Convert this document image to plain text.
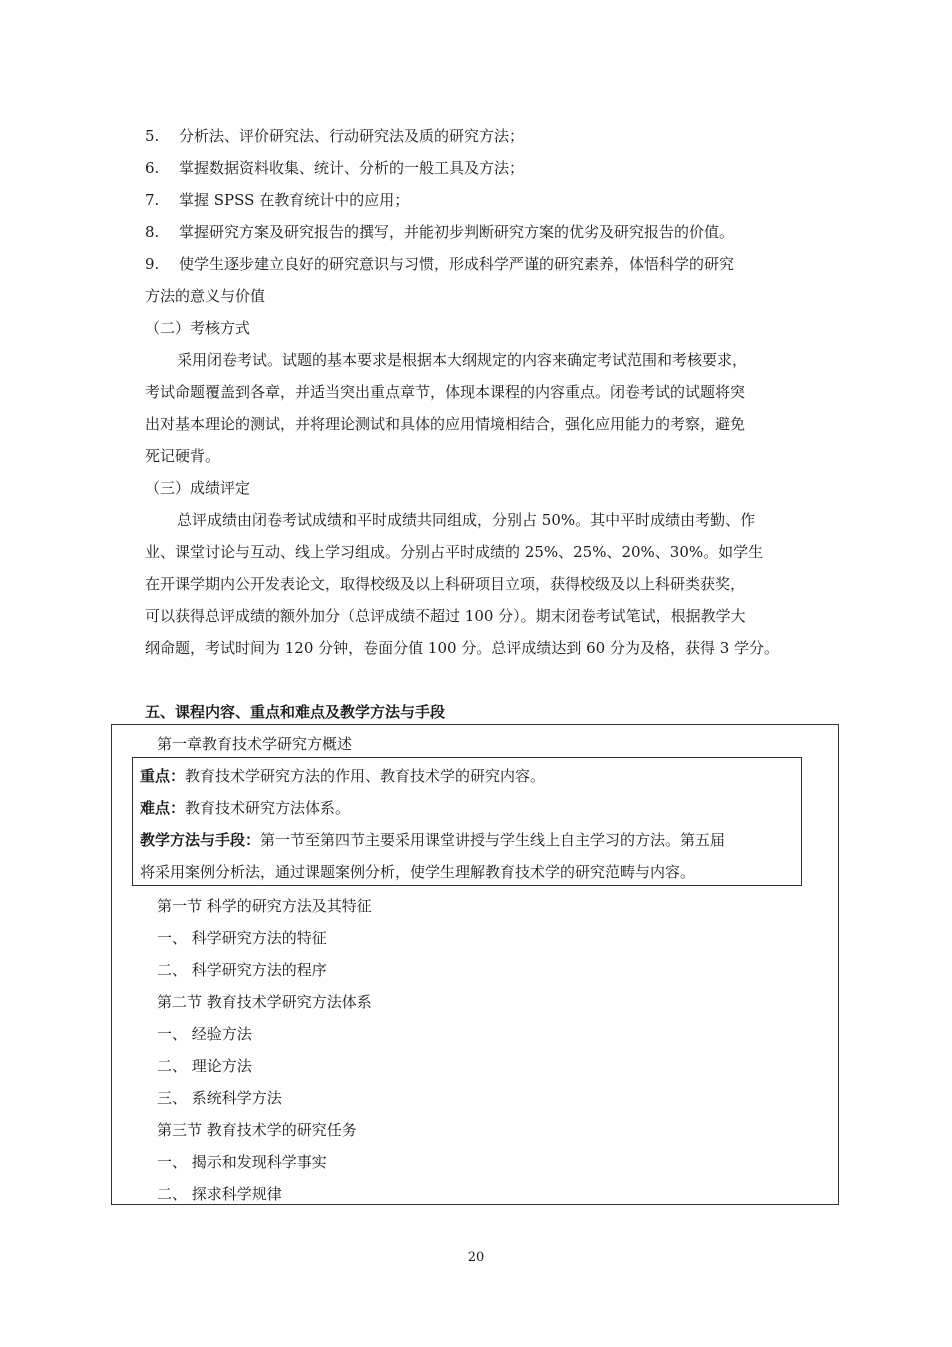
5. 分析法、评价研究法、行动研究法及质的研究方法；
6. 掌握数据资料收集、统计、分析的一般工具及方法；
7. 掌握 SPSS 在教育统计中的应用；
8. 掌握研究方案及研究报告的撰写，并能初步判断研究方案的优劣及研究报告的价值。
9. 使学生逐步建立良好的研究意识与习惯，形成科学严谨的研究素养，体悟科学的研究
方法的意义与价值
（二）考核方式
采用闭卷考试。试题的基本要求是根据本大纲规定的内容来确定考试范围和考核要求，
考试命题覆盖到各章，并适当突出重点章节，体现本课程的内容重点。闭卷考试的试题将突
出对基本理论的测试，并将理论测试和具体的应用情境相结合，强化应用能力的考察，避免
死记硬背。
（三）成绩评定
总评成绩由闭卷考试成绩和平时成绩共同组成，分别占 50%。其中平时成绩由考勤、作
业、课堂讨论与互动、线上学习组成。分别占平时成绩的 25%、25%、20%、30%。如学生
在开课学期内公开发表论文，取得校级及以上科研项目立项，获得校级及以上科研类获奖，
可以获得总评成绩的额外加分（总评成绩不超过 100 分）。期末闭卷考试笔试，根据教学大
纲命题，考试时间为 120 分钟，卷面分值 100 分。总评成绩达到 60 分为及格，获得 3 学分。
五、课程内容、重点和难点及教学方法与手段
第一章教育技术学研究方概述
重点：教育技术学研究方法的作用、教育技术学的研究内容。
难点：教育技术研究方法体系。
教学方法与手段：第一节至第四节主要采用课堂讲授与学生线上自主学习的方法。第五届
将采用案例分析法，通过课题案例分析，使学生理解教育技术学的研究范畴与内容。
第一节 科学的研究方法及其特征
一、 科学研究方法的特征
二、 科学研究方法的程序
第二节 教育技术学研究方法体系
一、 经验方法
二、 理论方法
三、 系统科学方法
第三节 教育技术学的研究任务
一、 揭示和发现科学事实
二、 探求科学规律
20
